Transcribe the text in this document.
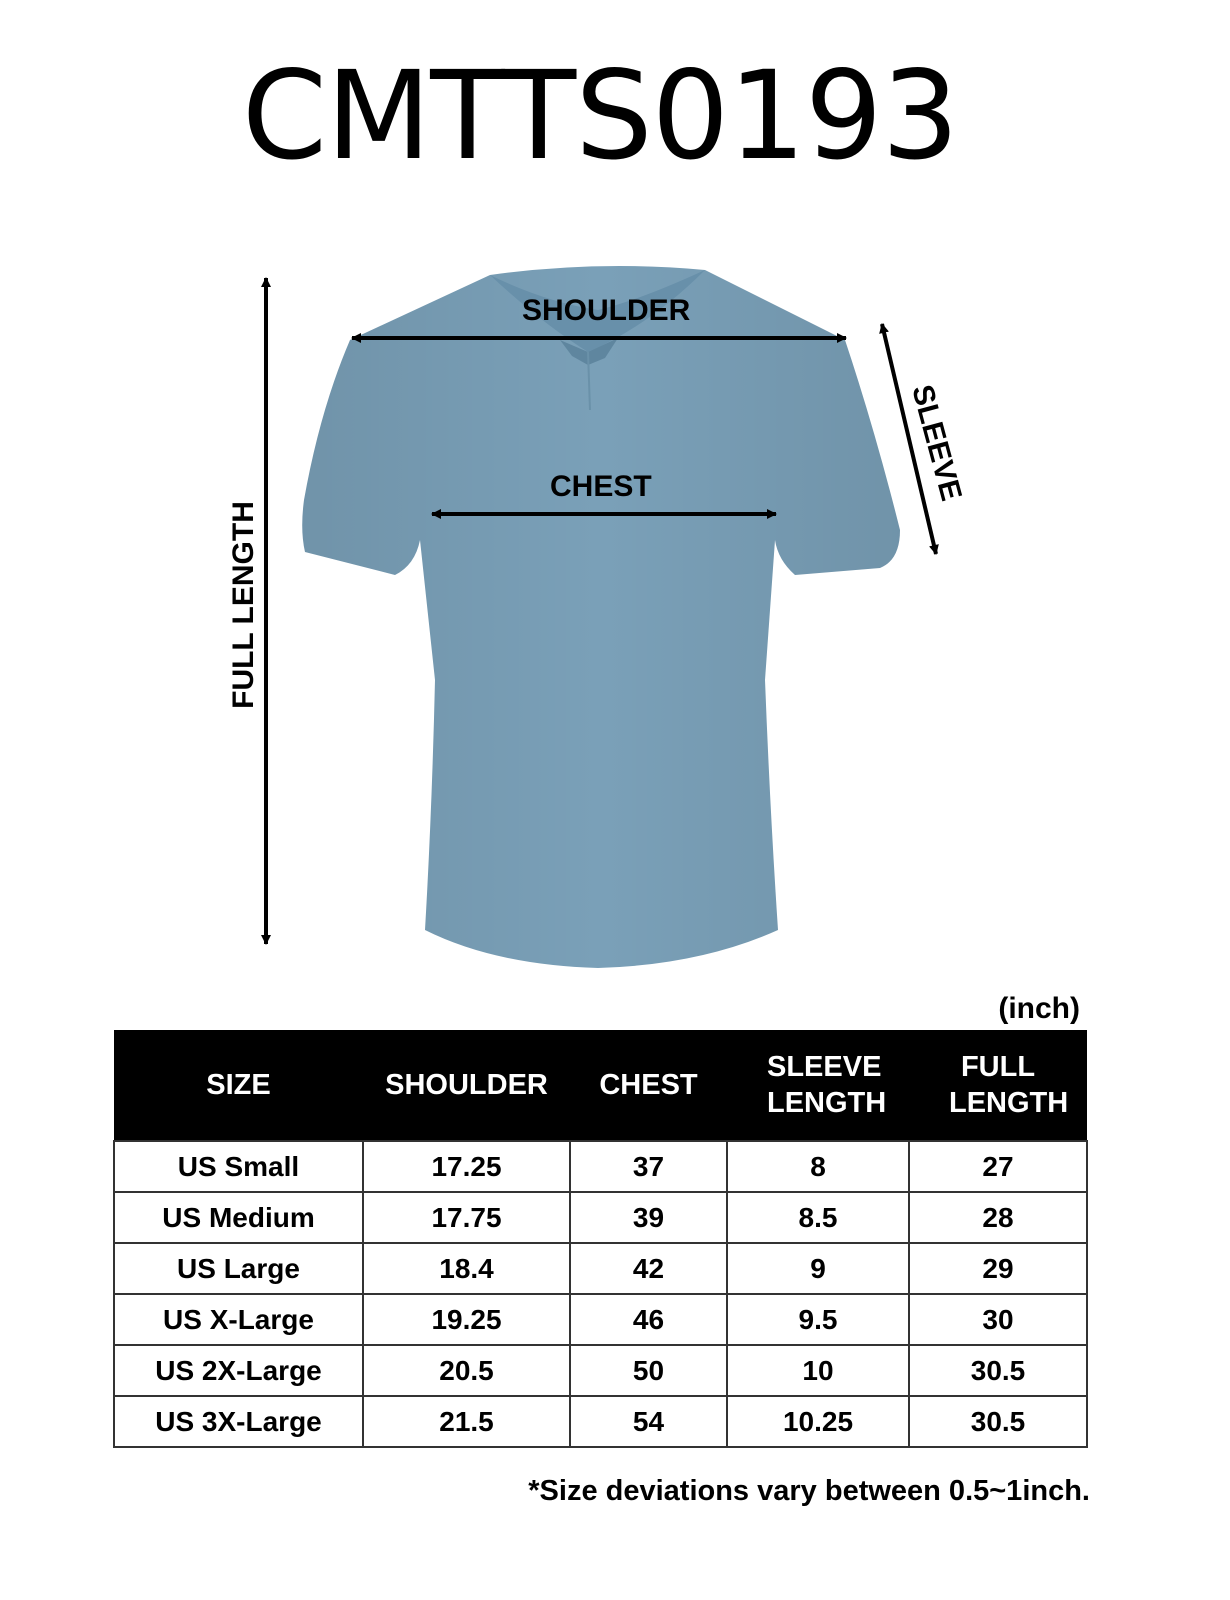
CMTTS0193
SHOULDER
CHEST
FULL LENGTH
SLEEVE
(inch)
SIZE	SHOULDER	CHEST	SLEEVE LENGTH	FULL LENGTH
US Small	17.25	37	8	27
US Medium	17.75	39	8.5	28
US Large	18.4	42	9	29
US X-Large	19.25	46	9.5	30
US 2X-Large	20.5	50	10	30.5
US 3X-Large	21.5	54	10.25	30.5
*Size deviations vary between 0.5~1inch.
